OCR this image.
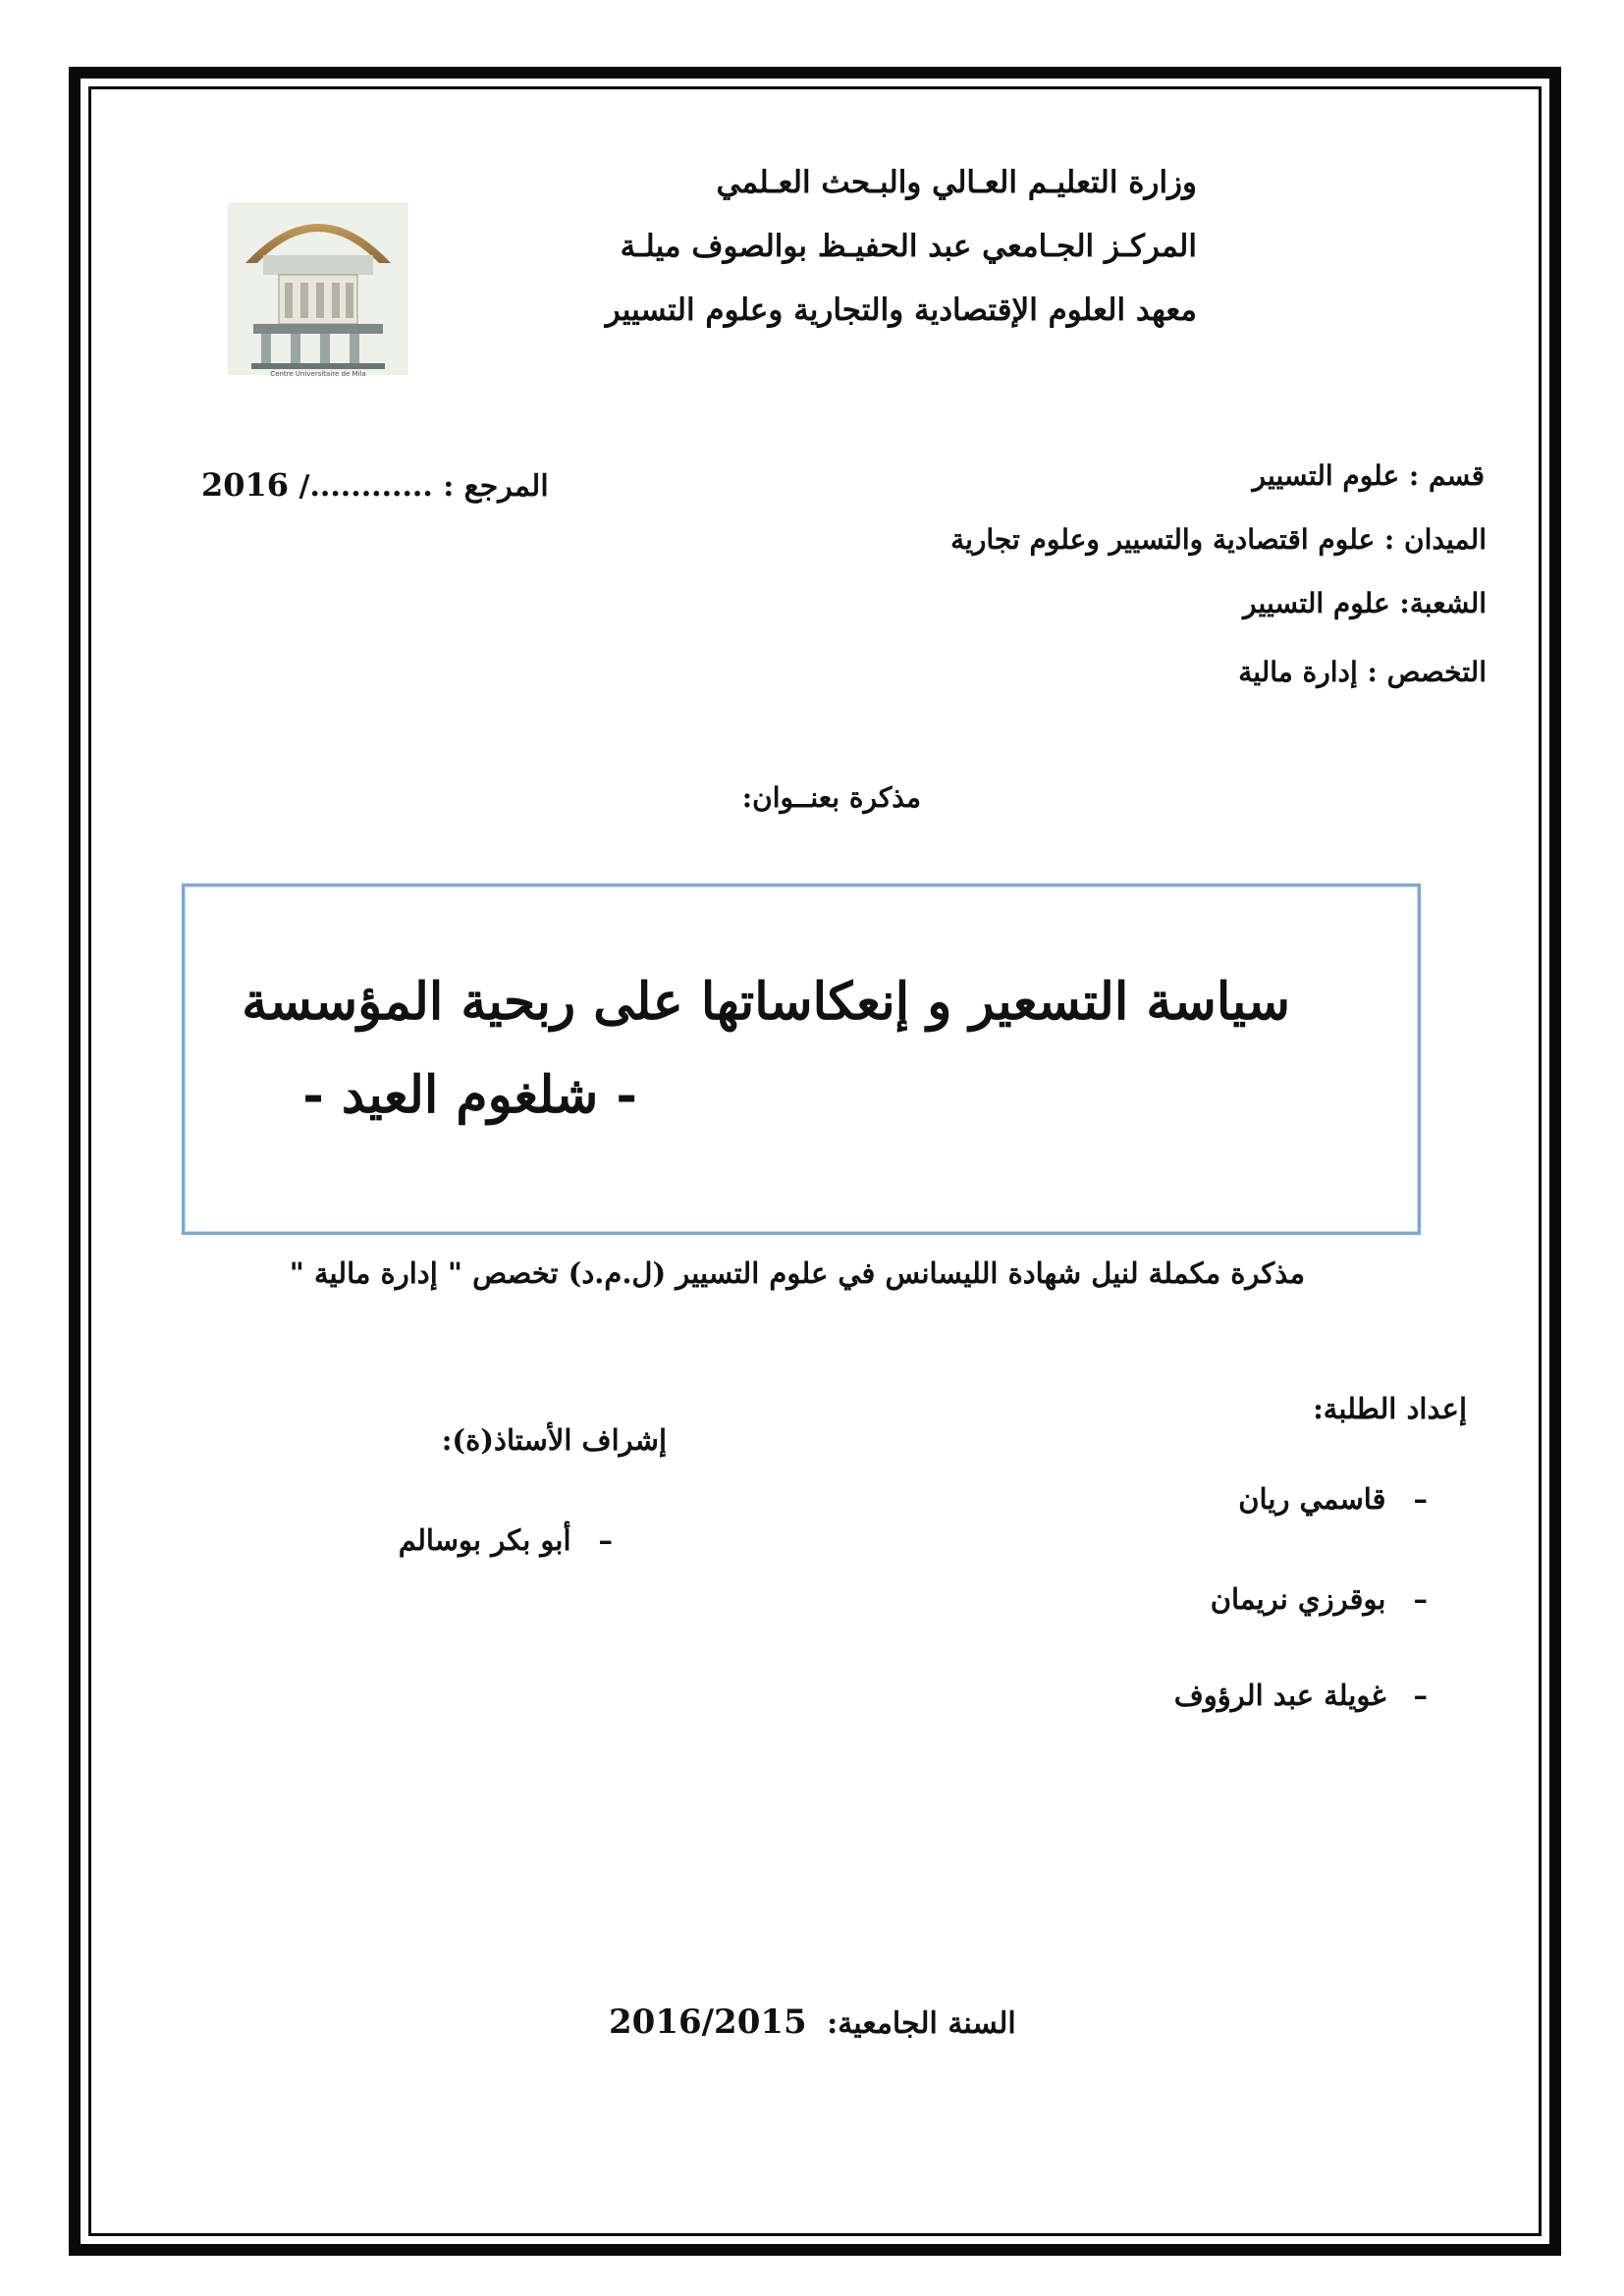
وزارة التعليـم العـالي والبـحث العـلمي
المركـز الجـامعي عبد الحفيـظ بوالصوف ميلـة
معهد العلوم الإقتصادية والتجارية وعلوم التسيير
Centre Universitaire de Mila
2016 المرجع : ............/	قسم : علوم التسيير
الميدان : علوم اقتصادية والتسيير وعلوم تجارية
الشعبة: علوم التسيير
التخصص : إدارة مالية
مذكرة بعنــوان:
سياسة التسعير و إنعكاساتها على ربحية المؤسسة
- شلغوم العيد -
مذكرة مكملة لنيل شهادة الليسانس في علوم التسيير (ل.م.د) تخصص " إدارة مالية "
إعداد الطلبة:
–قاسمي ريان
–بوقرزي نريمان
–غويلة عبد الرؤوف
إشراف الأستاذ(ة):
–أبو بكر بوسالم
2016/2015 السنة الجامعية:
